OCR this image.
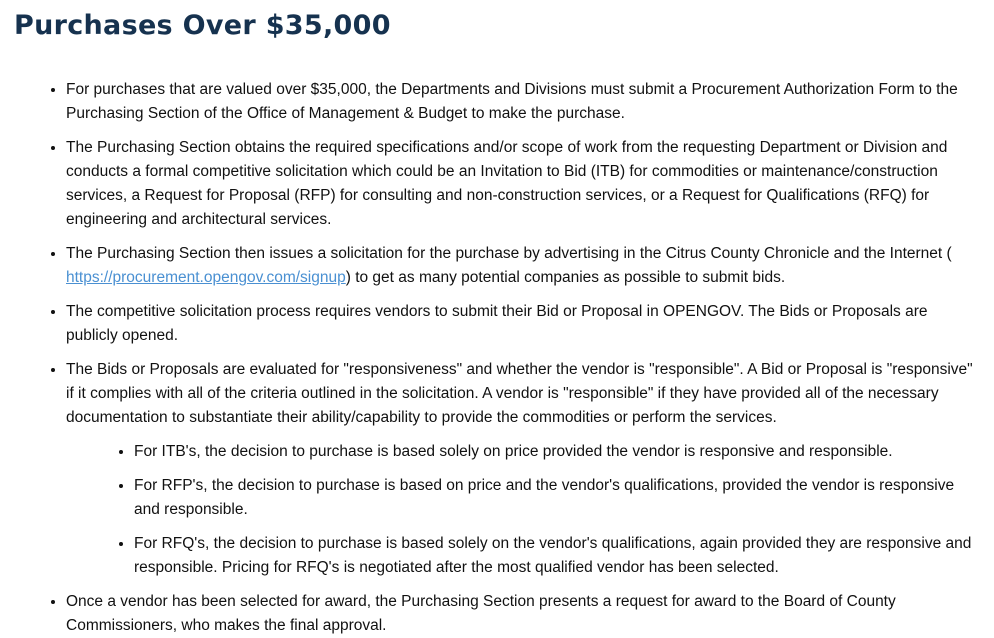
Purchases Over $35,000
• For purchases that are valued over $35,000, the Departments and Divisions must submit a Procurement Authorization Form to the Purchasing Section of the Office of Management & Budget to make the purchase.
• The Purchasing Section obtains the required specifications and/or scope of work from the requesting Department or Division and conducts a formal competitive solicitation which could be an Invitation to Bid (ITB) for commodities or maintenance/construction services, a Request for Proposal (RFP) for consulting and non-construction services, or a Request for Qualifications (RFQ) for engineering and architectural services.
• The Purchasing Section then issues a solicitation for the purchase by advertising in the Citrus County Chronicle and the Internet ( https://procurement.opengov.com/signup) to get as many potential companies as possible to submit bids.
• The competitive solicitation process requires vendors to submit their Bid or Proposal in OPENGOV. The Bids or Proposals are publicly opened.
• The Bids or Proposals are evaluated for "responsiveness" and whether the vendor is "responsible". A Bid or Proposal is "responsive" if it complies with all of the criteria outlined in the solicitation. A vendor is "responsible" if they have provided all of the necessary documentation to substantiate their ability/capability to provide the commodities or perform the services.
• For ITB's, the decision to purchase is based solely on price provided the vendor is responsive and responsible.
• For RFP's, the decision to purchase is based on price and the vendor's qualifications, provided the vendor is responsive and responsible.
• For RFQ's, the decision to purchase is based solely on the vendor's qualifications, again provided they are responsive and responsible. Pricing for RFQ's is negotiated after the most qualified vendor has been selected.
• Once a vendor has been selected for award, the Purchasing Section presents a request for award to the Board of County Commissioners, who makes the final approval.
